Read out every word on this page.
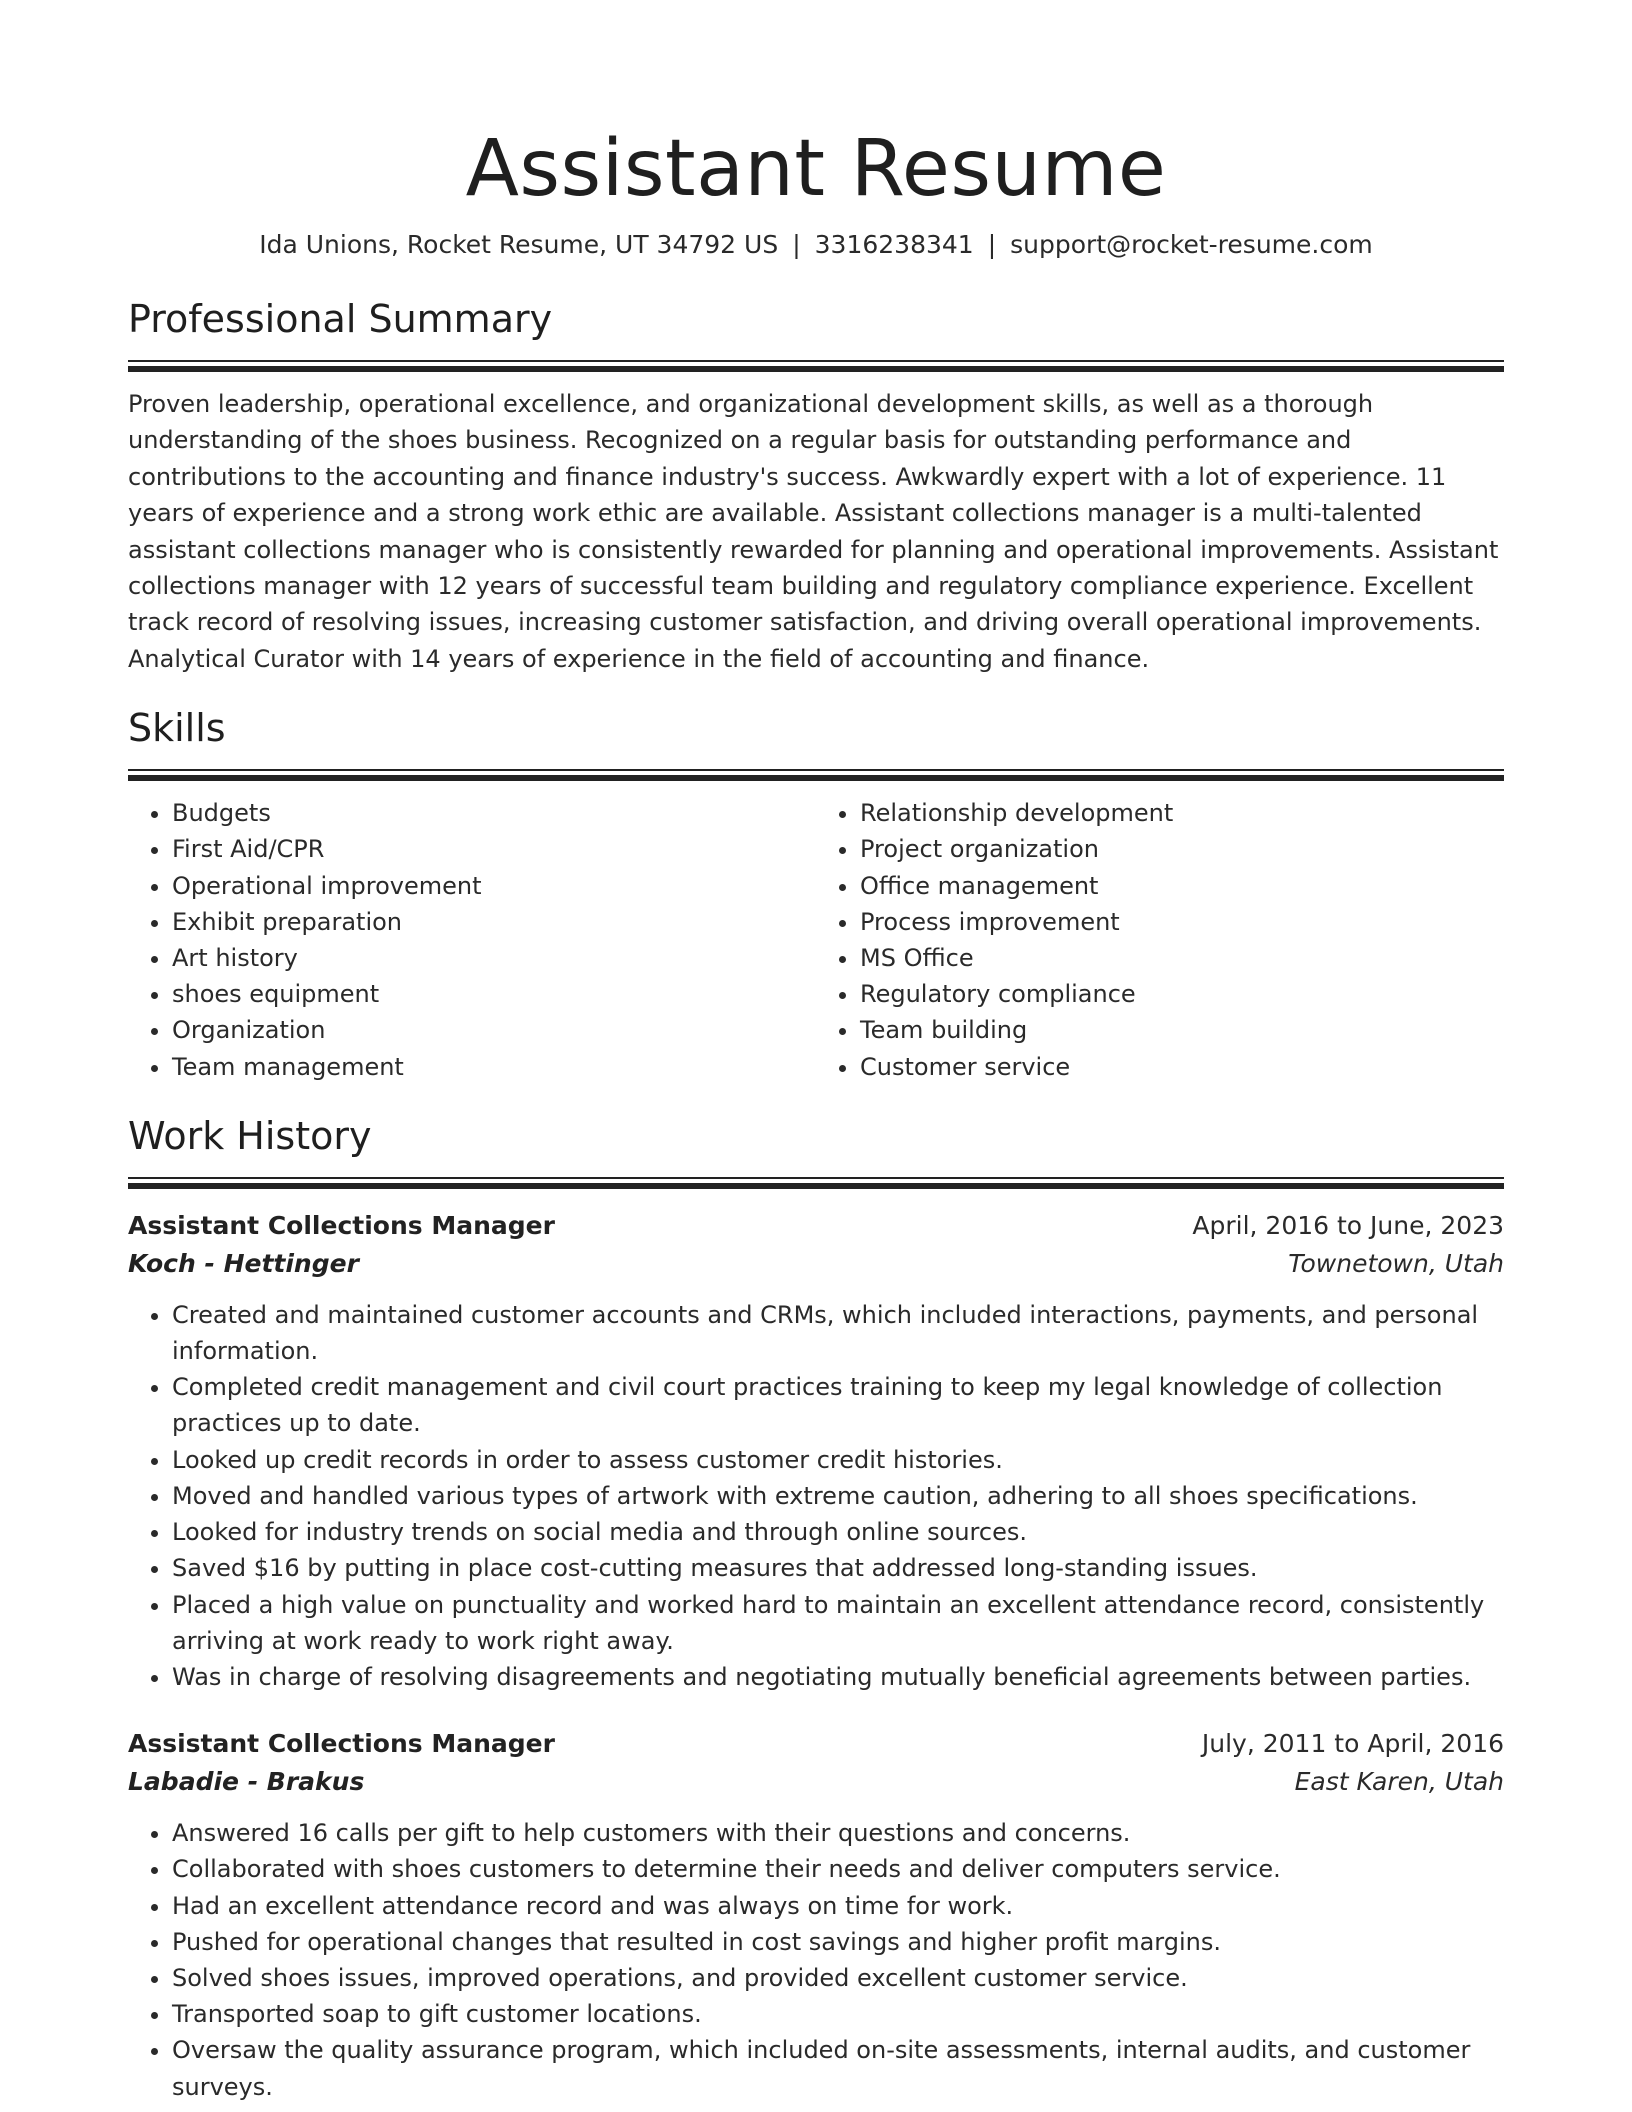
Assistant Resume
Ida Unions, Rocket Resume, UT 34792 US | 3316238341 | support@rocket-resume.com
Professional Summary

Proven leadership, operational excellence, and organizational development skills, as well as a thorough understanding of the shoes business. Recognized on a regular basis for outstanding performance and contributions to the accounting and finance industry's success. Awkwardly expert with a lot of experience. 11 years of experience and a strong work ethic are available. Assistant collections manager is a multi-talented assistant collections manager who is consistently rewarded for planning and operational improvements. Assistant collections manager with 12 years of successful team building and regulatory compliance experience. Excellent track record of resolving issues, increasing customer satisfaction, and driving overall operational improvements. Analytical Curator with 14 years of experience in the field of accounting and finance.

Skills
• Budgets
• First Aid/CPR
• Operational improvement
• Exhibit preparation
• Art history
• shoes equipment
• Organization
• Team management
• Relationship development
• Project organization
• Office management
• Process improvement
• MS Office
• Regulatory compliance
• Team building
• Customer service
Work History
Assistant Collections Manager	April, 2016 to June, 2023
Koch - Hettinger	Townetown, Utah
• Created and maintained customer accounts and CRMs, which included interactions, payments, and personal information.
• Completed credit management and civil court practices training to keep my legal knowledge of collection practices up to date.
• Looked up credit records in order to assess customer credit histories.
• Moved and handled various types of artwork with extreme caution, adhering to all shoes specifications.
• Looked for industry trends on social media and through online sources.
• Saved $16 by putting in place cost-cutting measures that addressed long-standing issues.
• Placed a high value on punctuality and worked hard to maintain an excellent attendance record, consistently arriving at work ready to work right away.
• Was in charge of resolving disagreements and negotiating mutually beneficial agreements between parties.
Assistant Collections Manager	July, 2011 to April, 2016
Labadie - Brakus	East Karen, Utah
• Answered 16 calls per gift to help customers with their questions and concerns.
• Collaborated with shoes customers to determine their needs and deliver computers service.
• Had an excellent attendance record and was always on time for work.
• Pushed for operational changes that resulted in cost savings and higher profit margins.
• Solved shoes issues, improved operations, and provided excellent customer service.
• Transported soap to gift customer locations.
• Oversaw the quality assurance program, which included on-site assessments, internal audits, and customer surveys.
